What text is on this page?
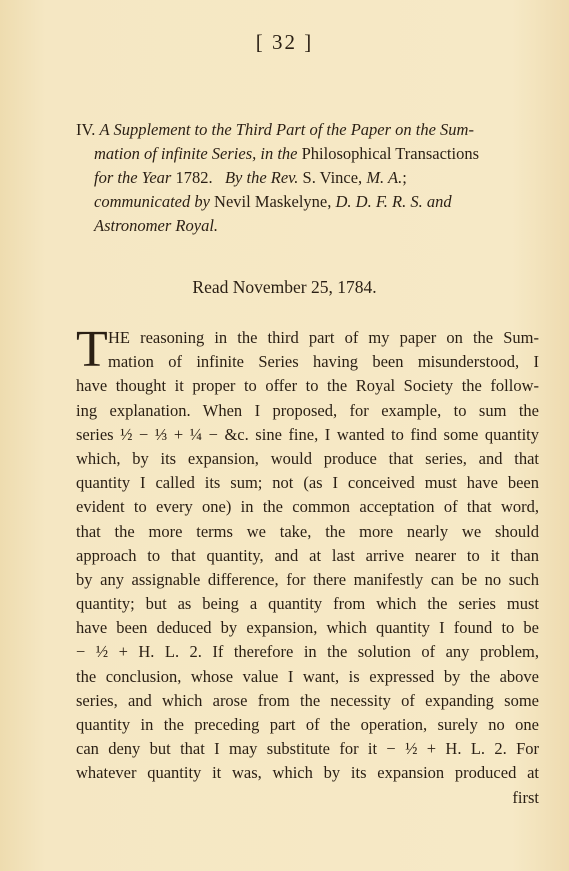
[ 32 ]
IV. A Supplement to the Third Part of the Paper on the Sum-
mation of infinite Series, in the Philosophical Transactions
for the Year 1782. By the Rev. S. Vince, M. A.;
communicated by Nevil Maskelyne, D. D. F. R. S. and
Astronomer Royal.
Read November 25, 1784.
T HE reasoning in the third part of my paper on the Sum-
mation of infinite Series having been misunderstood, I
have thought it proper to offer to the Royal Society the follow-
ing explanation. When I proposed, for example, to sum the
series ½ − ⅓ + ¼ − &c. sine fine, I wanted to find some quantity
which, by its expansion, would produce that series, and that
quantity I called its sum; not (as I conceived must have been
evident to every one) in the common acceptation of that word,
that the more terms we take, the more nearly we should
approach to that quantity, and at last arrive nearer to it than
by any assignable difference, for there manifestly can be no such
quantity; but as being a quantity from which the series must
have been deduced by expansion, which quantity I found to be
− ½ + H. L. 2. If therefore in the solution of any problem,
the conclusion, whose value I want, is expressed by the above
series, and which arose from the necessity of expanding some
quantity in the preceding part of the operation, surely no one
can deny but that I may substitute for it − ½ + H. L. 2. For
whatever quantity it was, which by its expansion produced at
first
